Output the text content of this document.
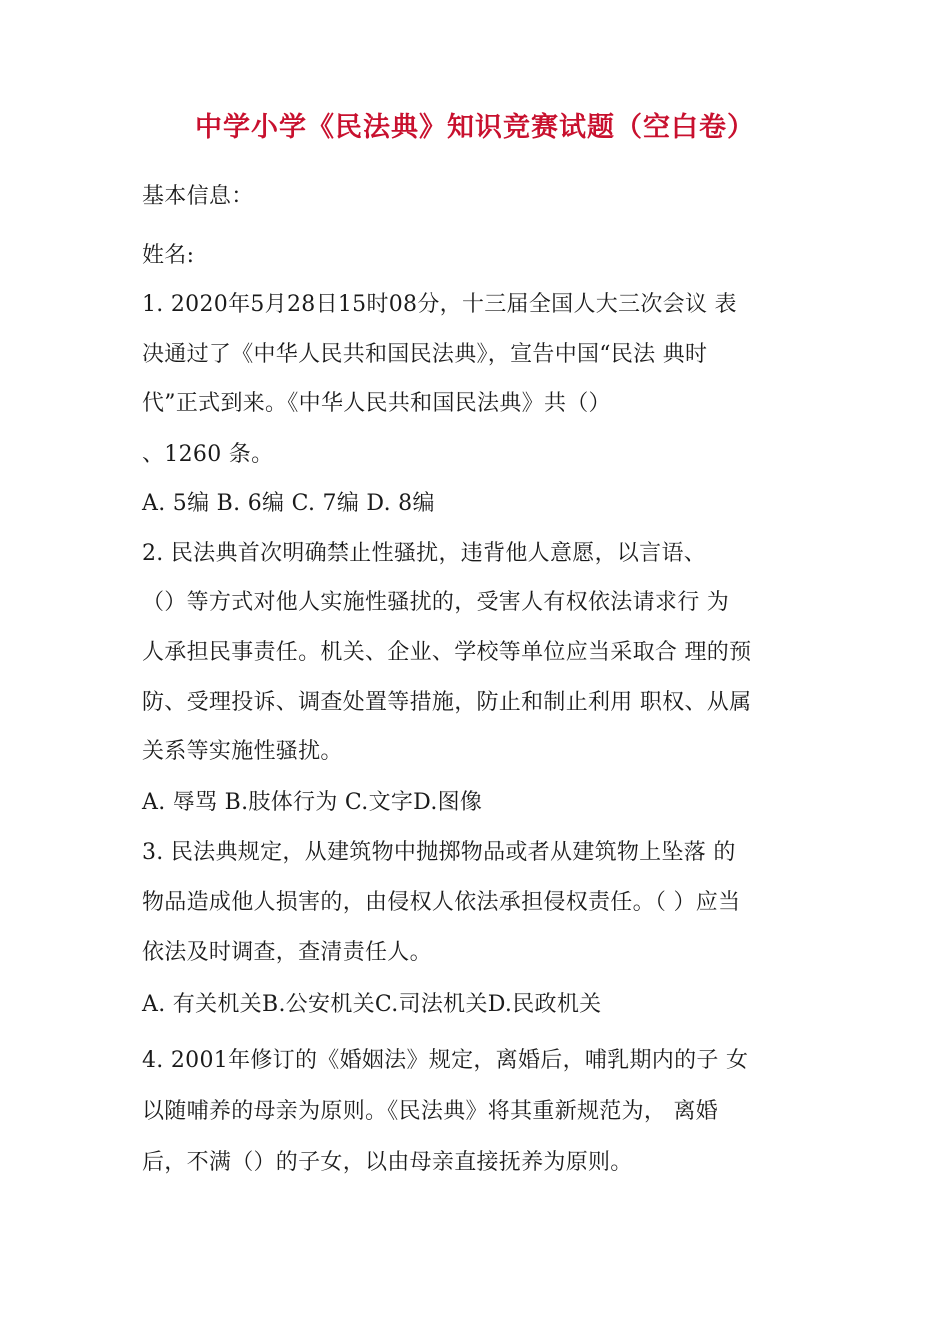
中学小学《民法典》知识竞赛试题（空白卷）
基本信息：
姓名:
1. 2020年5月28日15时08分，十三届全国人大三次会议 表
决通过了《中华人民共和国民法典》，宣告中国“民法 典时
代”正式到来。《中华人民共和国民法典》共（）
、1260 条。
A. 5编 B. 6编 C. 7编 D. 8编
2. 民法典首次明确禁止性骚扰，违背他人意愿，以言语、
（）等方式对他人实施性骚扰的，受害人有权依法请求行 为
人承担民事责任。机关、企业、学校等单位应当采取合 理的预
防、受理投诉、调查处置等措施，防止和制止利用 职权、从属
关系等实施性骚扰。
A. 辱骂 B.肢体行为 C.文字D.图像
3. 民法典规定，从建筑物中抛掷物品或者从建筑物上坠落 的
物品造成他人损害的，由侵权人依法承担侵权责任。（ ）应当
依法及时调查，查清责任人。
A. 有关机关B.公安机关C.司法机关D.民政机关
4. 2001年修订的《婚姻法》规定，离婚后，哺乳期内的子 女
以随哺养的母亲为原则。《民法典》将其重新规范为， 离婚
后，不满（）的子女，以由母亲直接抚养为原则。
